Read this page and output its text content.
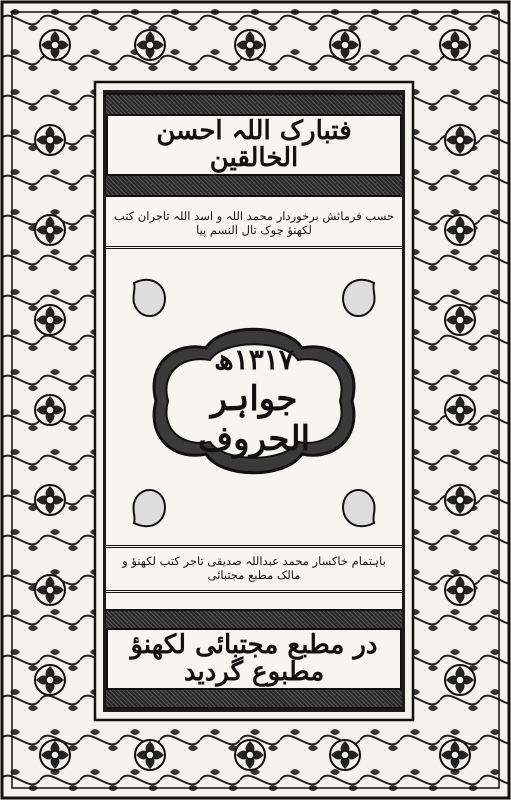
فتبارک اللہ احسن الخالقین
حسب فرمائش برخوردار محمد اللہ و اسد اللہ تاجران کتب لکھنؤ چوک تال النسم پیا
۱۳۱۷ھ
جواہر الحروف
باہتمام خاکسار محمد عبداللہ صدیقی تاجر کتب لکھنؤ و مالک مطبع مجتبائی
در مطبع مجتبائی لکھنؤ مطبوع گردید
